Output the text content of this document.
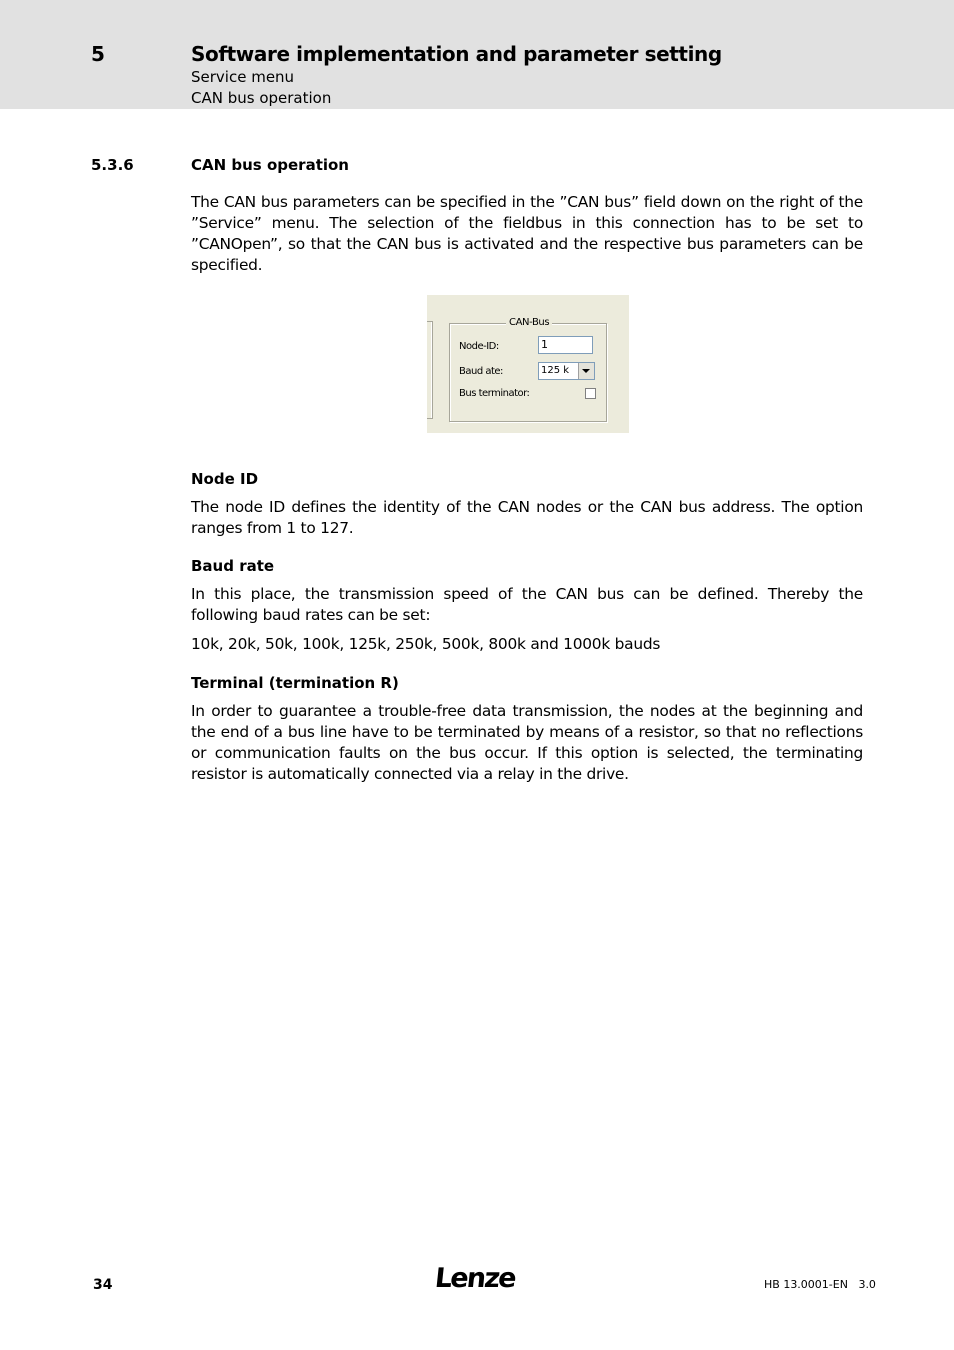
5	Software implementation and parameter setting
Service menu
CAN bus operation
5.3.6	CAN bus operation
The CAN bus parameters can be specified in the ”CAN bus” field down on the right of the ”Service” menu. The selection of the fieldbus in this connection has to be set to ”CANOpen”, so that the CAN bus is activated and the respective bus parameters can be specified.
CAN-Bus
Node-ID:	1
Baud ate:	125 k
Bus terminator:
Node ID
The node ID defines the identity of the CAN nodes or the CAN bus address. The option ranges from 1 to 127.
Baud rate
In this place, the transmission speed of the CAN bus can be defined. Thereby the following baud rates can be set:
10k, 20k, 50k, 100k, 125k, 250k, 500k, 800k and 1000k bauds
Terminal (termination R)
In order to guarantee a trouble-free data transmission, the nodes at the beginning and the end of a bus line have to be terminated by means of a resistor, so that no reflections or communication faults on the bus occur. If this option is selected, the terminating resistor is automatically connected via a relay in the drive.
34	Lenze	HB 13.0001-EN   3.0
